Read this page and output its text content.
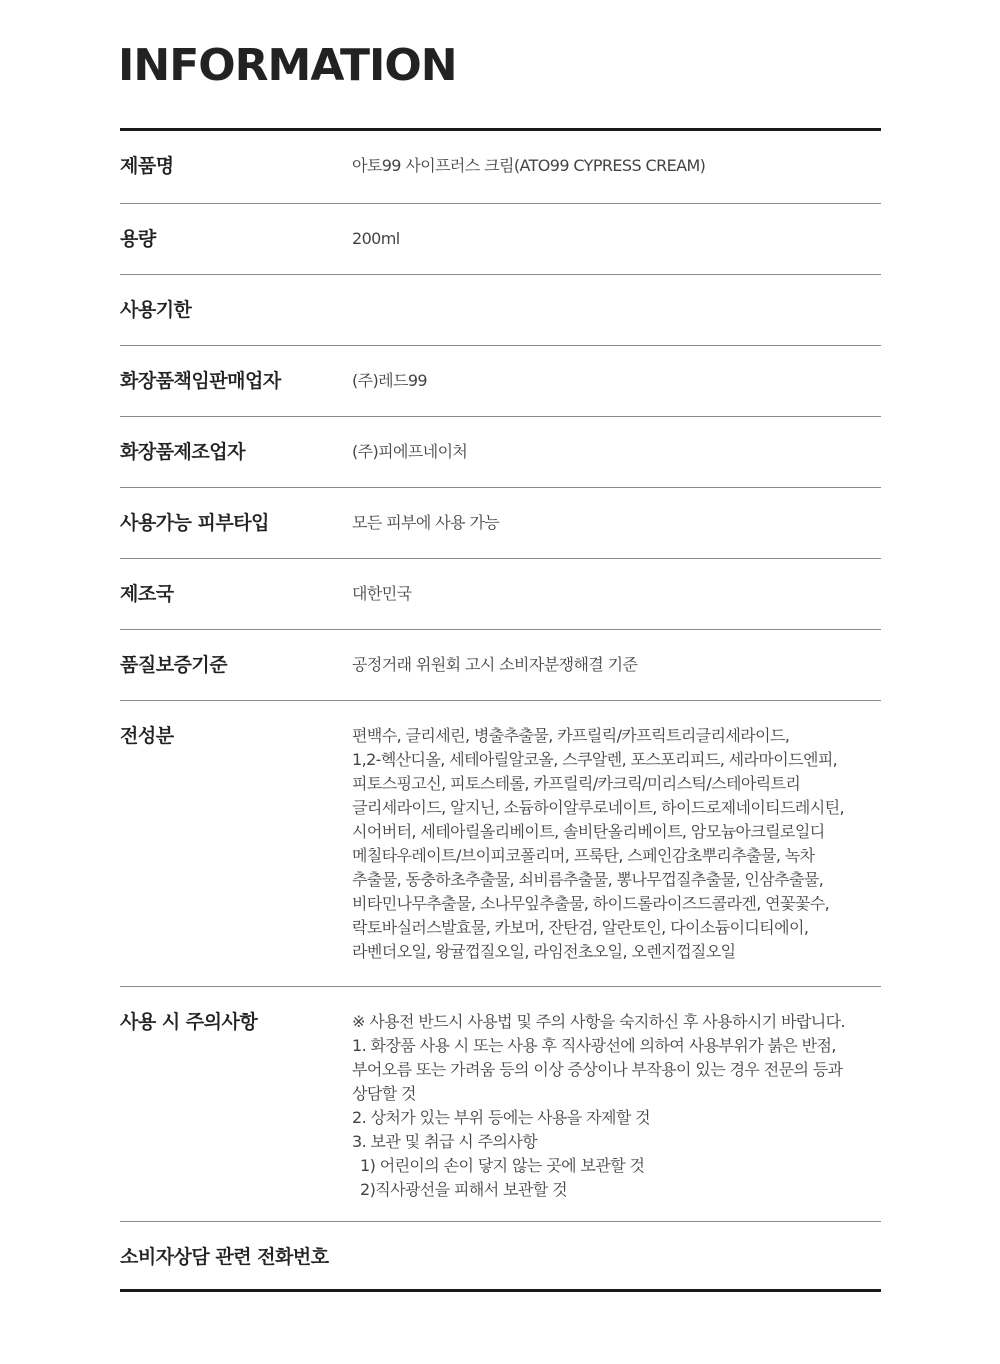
INFORMATION
제품명	아토99 사이프러스 크림(ATO99 CYPRESS CREAM)
용량	200ml
사용기한
화장품책임판매업자	(주)레드99
화장품제조업자	(주)피에프네이처
사용가능 피부타입	모든 피부에 사용 가능
제조국	대한민국
품질보증기준	공정거래 위원회 고시 소비자분쟁해결 기준
전성분	편백수, 글리세린, 병출추출물, 카프릴릭/카프릭트리글리세라이드,
1,2-헥산디올, 세테아릴알코올, 스쿠알렌, 포스포리피드, 세라마이드엔피,
피토스핑고신, 피토스테롤, 카프릴릭/카크릭/미리스틱/스테아릭트리
글리세라이드, 알지닌, 소듐하이알루로네이트, 하이드로제네이티드레시틴,
시어버터, 세테아릴올리베이트, 솔비탄올리베이트, 암모늄아크릴로일디
메칠타우레이트/브이피코폴리머, 프룩탄, 스페인감초뿌리추출물, 녹차
추출물, 동충하초추출물, 쇠비름추출물, 뽕나무껍질추출물, 인삼추출물,
비타민나무추출물, 소나무잎추출물, 하이드롤라이즈드콜라겐, 연꽃꽃수,
락토바실러스발효물, 카보머, 잔탄검, 알란토인, 다이소듐이디티에이,
라벤더오일, 왕귤껍질오일, 라임전초오일, 오렌지껍질오일
사용 시 주의사항	※ 사용전 반드시 사용법 및 주의 사항을 숙지하신 후 사용하시기 바랍니다.
1. 화장품 사용 시 또는 사용 후 직사광선에 의하여 사용부위가 붉은 반점,
부어오름 또는 가려움 등의 이상 증상이나 부작용이 있는 경우 전문의 등과
상담할 것
2. 상처가 있는 부위 등에는 사용을 자제할 것
3. 보관 및 취급 시 주의사항
1) 어린이의 손이 닿지 않는 곳에 보관할 것
2)직사광선을 피해서 보관할 것
소비자상담 관련 전화번호
